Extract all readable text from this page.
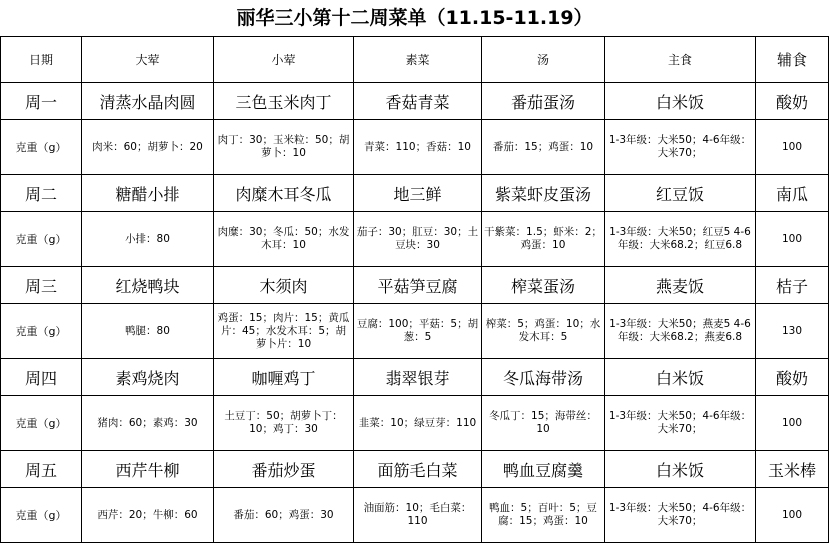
丽华三小第十二周菜单（11.15-11.19）
日期	大荤	小荤	素菜	汤	主食	辅食
周一	清蒸水晶肉圆	三色玉米肉丁	香菇青菜	番茄蛋汤	白米饭	酸奶
克重（g）	肉米：60；胡萝卜：20	肉丁：30；玉米粒：50；胡萝卜：10	青菜：110；香菇：10	番茄：15；鸡蛋：10	1-3年级：大米50；4-6年级：大米70；	100
周二	糖醋小排	肉糜木耳冬瓜	地三鲜	紫菜虾皮蛋汤	红豆饭	南瓜
克重（g）	小排：80	肉糜：30；冬瓜：50；水发木耳：10	茄子：30；肛豆：30；土豆块：30	干紫菜：1.5；虾米：2；鸡蛋：10	1-3年级：大米50；红豆5 4-6年级：大米68.2；红豆6.8	100
周三	红烧鸭块	木须肉	平菇笋豆腐	榨菜蛋汤	燕麦饭	桔子
克重（g）	鸭腿：80	鸡蛋：15；肉片：15；黄瓜片：45；水发木耳：5；胡萝卜片：10	豆腐：100；平菇：5；胡葱：5	榨菜：5；鸡蛋：10；水发木耳：5	1-3年级：大米50；燕麦5 4-6年级：大米68.2；燕麦6.8	130
周四	素鸡烧肉	咖喱鸡丁	翡翠银芽	冬瓜海带汤	白米饭	酸奶
克重（g）	猪肉：60；素鸡：30	土豆丁：50；胡萝卜丁：10；鸡丁：30	韭菜：10；绿豆芽：110	冬瓜丁：15；海带丝：10	1-3年级：大米50；4-6年级：大米70；	100
周五	西芹牛柳	番茄炒蛋	面筋毛白菜	鸭血豆腐羹	白米饭	玉米棒
克重（g）	西芹：20；牛柳：60	番茄：60；鸡蛋：30	油面筋：10；毛白菜：110	鸭血：5；百叶：5；豆腐：15；鸡蛋：10	1-3年级：大米50；4-6年级：大米70；	100
